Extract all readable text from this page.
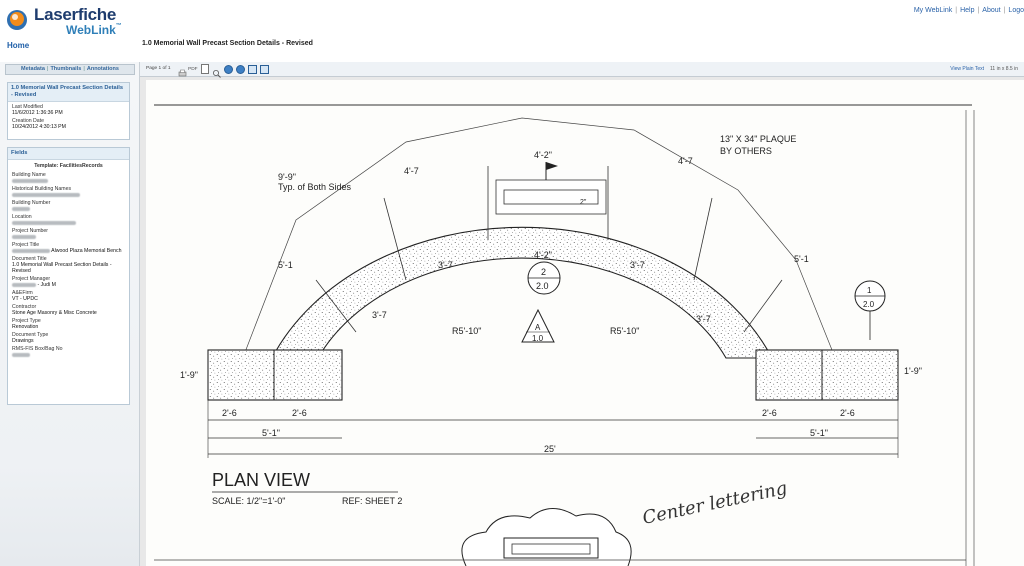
Laserfiche
WebLink™
My WebLink | Help | About | Logo
Home	1.0 Memorial Wall Precast Section Details - Revised
Metadata | Thumbnails | Annotations
1.0 Memorial Wall Precast Section Details - Revised
Last Modified
11/6/2012 1:36:36 PM
Creation Date
10/24/2012 4:30:13 PM
Fields
Template: FacilitiesRecords
Building Name
Historical Building Names
Building Number
Location
Project Number
Project Title
Alwood Plaza Memorial Bench
Document Title
1.0 Memorial Wall Precast Section Details - Revised
Project Manager
- Judi M
A&EFirm
VT - UPDC
Contractor
Stone Age Masonry & Misc Concrete
Project Type
Renovation
Document Type
Drawings
RMS-FIS Box/Bag No
Page 1 of 1	PDF	View Plain Text 11 in x 8.5 in
4'-2"
4'-2"
2"
4'-7
4'-7
5'-1
5'-1
3'-7	3'-7
3'-7	3'-7
R5'-10"	R5'-10"
1'-9"	1'-9"
2'-6	2'-6	2'-6	2'-6
5'-1"	5'-1"
25'
9'-9"
Typ. of Both Sides
13" X 34" PLAQUE
BY OTHERS
PLAN VIEW
SCALE: 1/2"=1'-0"	REF: SHEET 2	Center lettering
2
2.0
A
1.0
1
2.0
